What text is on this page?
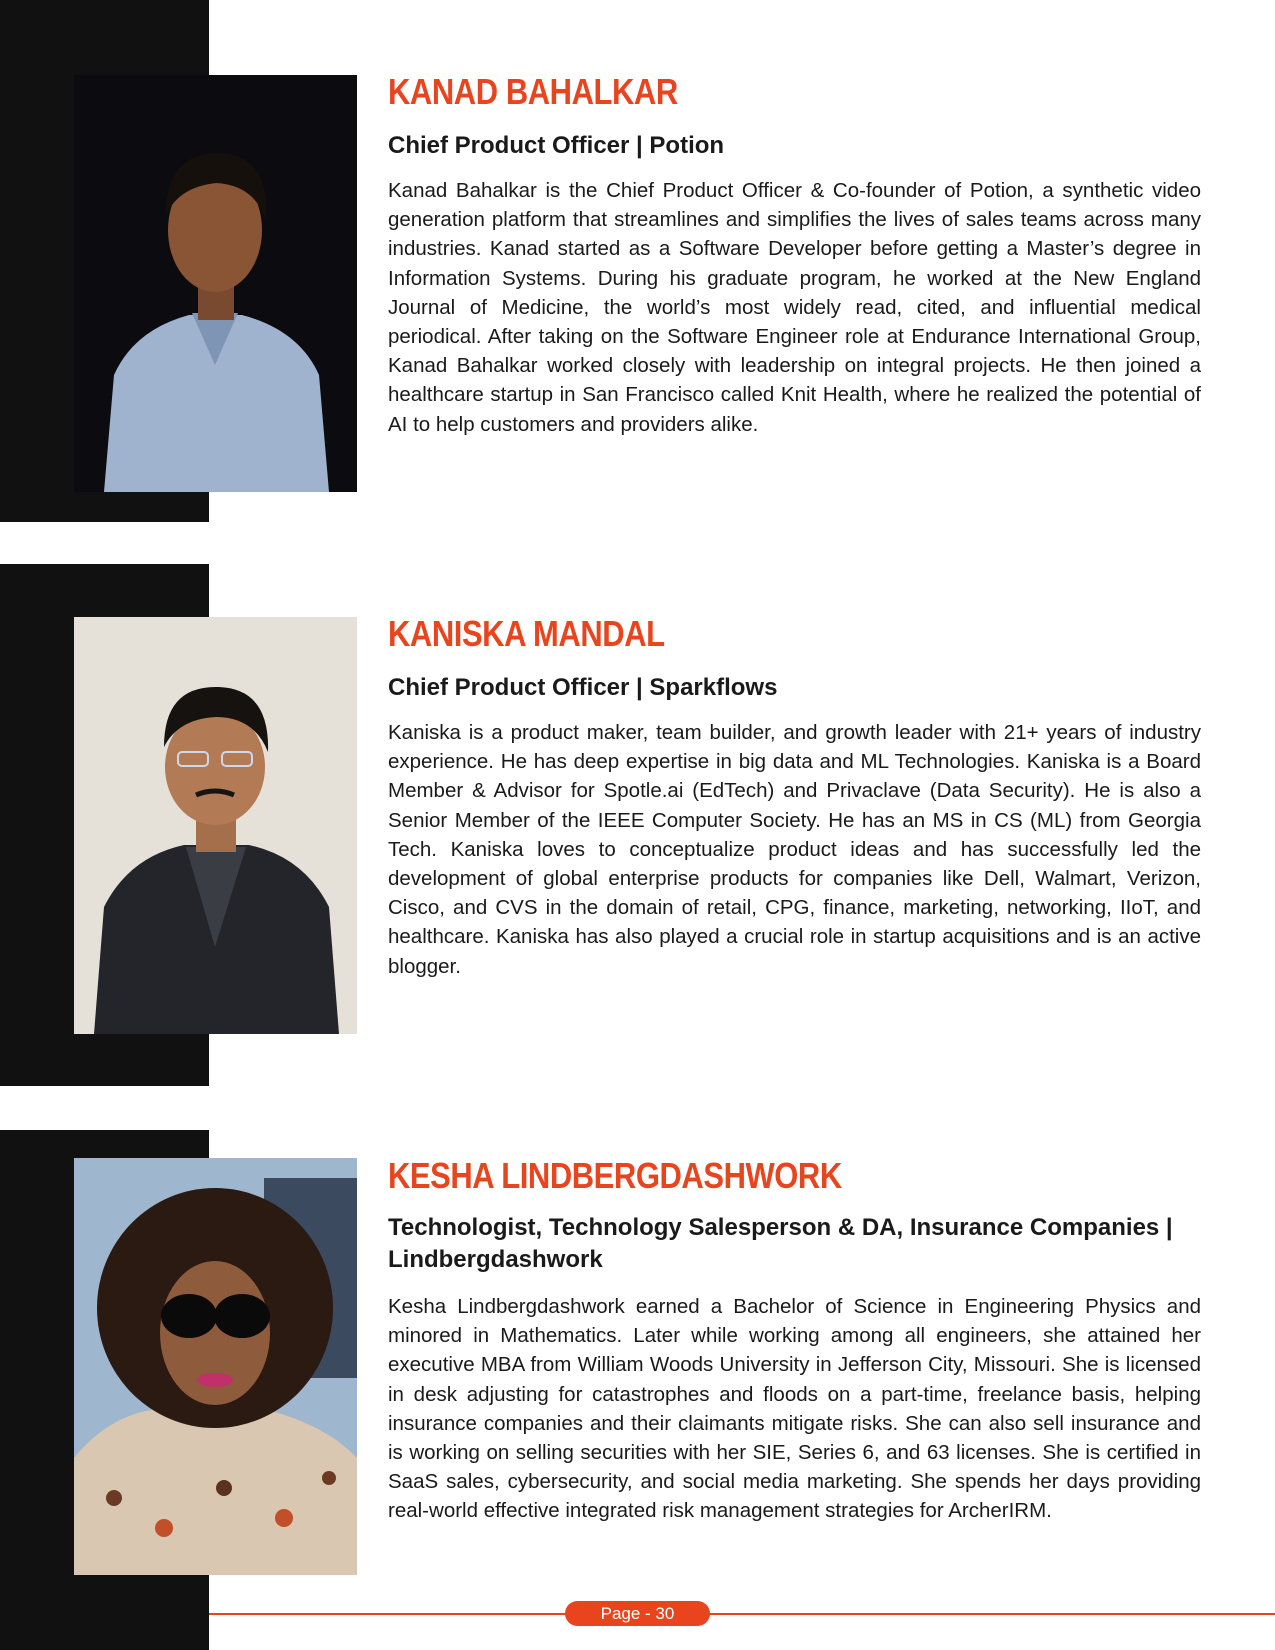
KANAD BAHALKAR

Chief Product Officer | Potion

Kanad Bahalkar is the Chief Product Officer & Co-founder of Potion, a synthetic video generation platform that streamlines and simplifies the lives of sales teams across many industries. Kanad started as a Software Developer before getting a Master’s degree in Information Systems. During his graduate program, he worked at the New England Journal of Medicine, the world’s most widely read, cited, and influential medical periodical. After taking on the Software Engineer role at Endurance International Group, Kanad Bahalkar worked closely with leadership on integral projects. He then joined a healthcare startup in San Francisco called Knit Health, where he realized the potential of AI to help customers and providers alike.

KANISKA MANDAL

Chief Product Officer | Sparkflows

Kaniska is a product maker, team builder, and growth leader with 21+ years of industry experience. He has deep expertise in big data and ML Technologies. Kaniska is a Board Member & Advisor for Spotle.ai (EdTech) and Privaclave (Data Security). He is also a Senior Member of the IEEE Computer Society. He has an MS in CS (ML) from Georgia Tech. Kaniska loves to conceptualize product ideas and has successfully led the development of global enterprise products for companies like Dell, Walmart, Verizon, Cisco, and CVS in the domain of retail, CPG, finance, marketing, networking, IIoT, and healthcare. Kaniska has also played a crucial role in startup acquisitions and is an active blogger.

KESHA LINDBERGDASHWORK

Technologist, Technology Salesperson & DA, Insurance Companies | Lindbergdashwork

Kesha Lindbergdashwork earned a Bachelor of Science in Engineering Physics and minored in Mathematics. Later while working among all engineers, she attained her executive MBA from William Woods University in Jefferson City, Missouri. She is licensed in desk adjusting for catastrophes and floods on a part-time, freelance basis, helping insurance companies and their claimants mitigate risks. She can also sell insurance and is working on selling securities with her SIE, Series 6, and 63 licenses. She is certified in SaaS sales, cybersecurity, and social media marketing. She spends her days providing real-world effective integrated risk management strategies for ArcherIRM.

Page - 30
